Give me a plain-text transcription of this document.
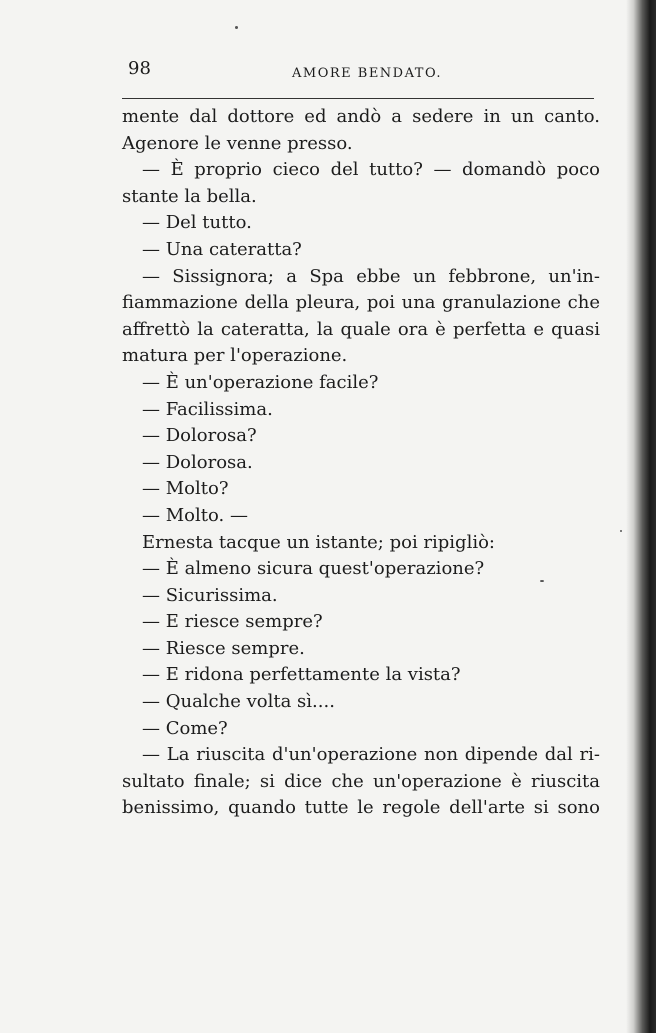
98	AMORE BENDATO.
mente dal dottore ed andò a sedere in un canto.
Agenore le venne presso.
— È proprio cieco del tutto? — domandò poco
stante la bella.
— Del tutto.
— Una cateratta?
— Sissignora; a Spa ebbe un febbrone, un'in-
fiammazione della pleura, poi una granulazione che
affrettò la cateratta, la quale ora è perfetta e quasi
matura per l'operazione.
— È un'operazione facile?
— Facilissima.
— Dolorosa?
— Dolorosa.
— Molto?
— Molto. —
Ernesta tacque un istante; poi ripigliò:
— È almeno sicura quest'operazione?
— Sicurissima.
— E riesce sempre?
— Riesce sempre.
— E ridona perfettamente la vista?
— Qualche volta sì....
— Come?
— La riuscita d'un'operazione non dipende dal ri-
sultato finale; si dice che un'operazione è riuscita
benissimo, quando tutte le regole dell'arte si sono
